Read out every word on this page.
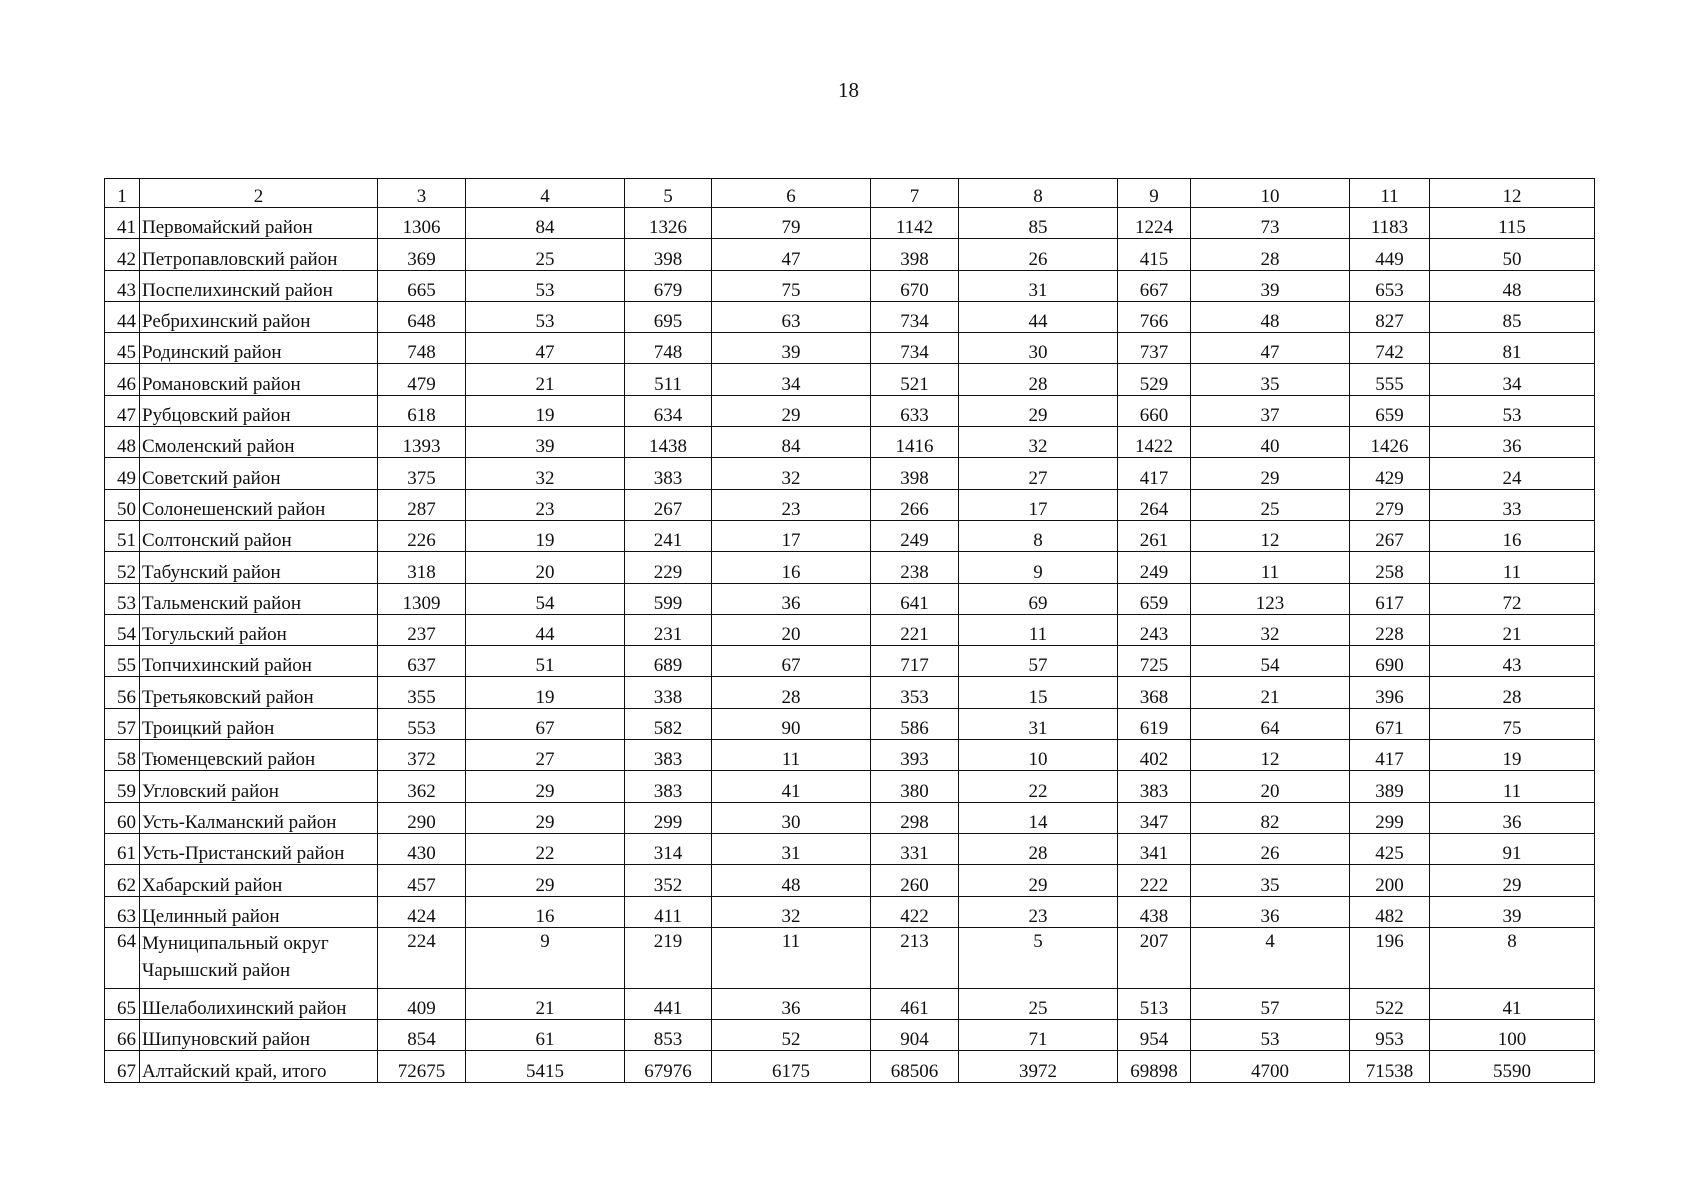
18
1	2	3	4	5	6	7	8	9	10	11	12
41	Первомайский район	1306	84	1326	79	1142	85	1224	73	1183	115
42	Петропавловский район	369	25	398	47	398	26	415	28	449	50
43	Поспелихинский район	665	53	679	75	670	31	667	39	653	48
44	Ребрихинский район	648	53	695	63	734	44	766	48	827	85
45	Родинский район	748	47	748	39	734	30	737	47	742	81
46	Романовский район	479	21	511	34	521	28	529	35	555	34
47	Рубцовский район	618	19	634	29	633	29	660	37	659	53
48	Смоленский район	1393	39	1438	84	1416	32	1422	40	1426	36
49	Советский район	375	32	383	32	398	27	417	29	429	24
50	Солонешенский район	287	23	267	23	266	17	264	25	279	33
51	Солтонский район	226	19	241	17	249	8	261	12	267	16
52	Табунский район	318	20	229	16	238	9	249	11	258	11
53	Тальменский район	1309	54	599	36	641	69	659	123	617	72
54	Тогульский район	237	44	231	20	221	11	243	32	228	21
55	Топчихинский район	637	51	689	67	717	57	725	54	690	43
56	Третьяковский район	355	19	338	28	353	15	368	21	396	28
57	Троицкий район	553	67	582	90	586	31	619	64	671	75
58	Тюменцевский район	372	27	383	11	393	10	402	12	417	19
59	Угловский район	362	29	383	41	380	22	383	20	389	11
60	Усть-Калманский район	290	29	299	30	298	14	347	82	299	36
61	Усть-Пристанский район	430	22	314	31	331	28	341	26	425	91
62	Хабарский район	457	29	352	48	260	29	222	35	200	29
63	Целинный район	424	16	411	32	422	23	438	36	482	39
64	Муниципальный округ Чарышский район	224	9	219	11	213	5	207	4	196	8
65	Шелаболихинский район	409	21	441	36	461	25	513	57	522	41
66	Шипуновский район	854	61	853	52	904	71	954	53	953	100
67	Алтайский край, итого	72675	5415	67976	6175	68506	3972	69898	4700	71538	5590
